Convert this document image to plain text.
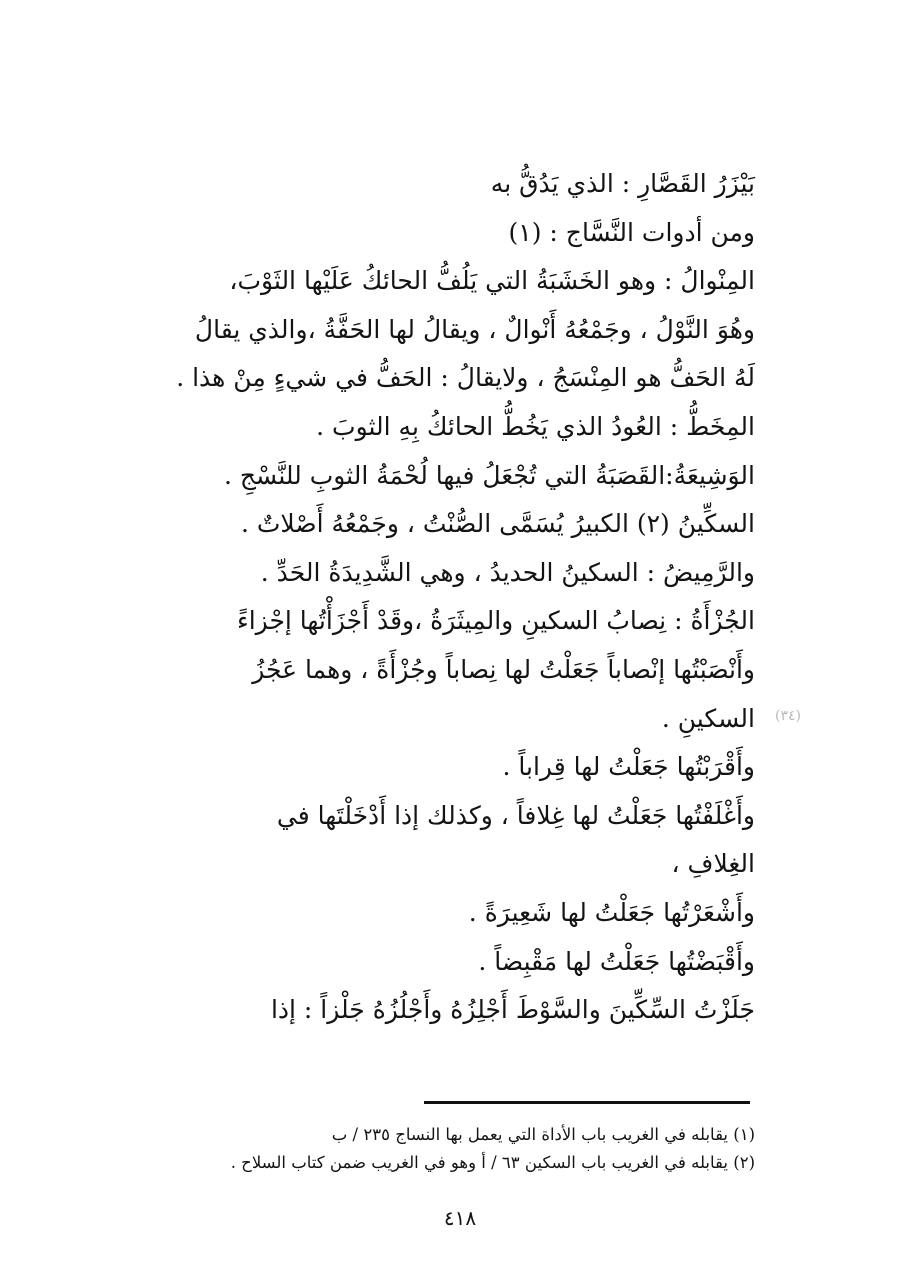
بَيْزَرُ القَصَّارِ : الذي يَدُقُّ به

ومن أدوات النَّسَّاج : (١)

المِنْوالُ : وهو الخَشَبَةُ التي يَلُفُّ الحائكُ عَلَيْها الثَوْبَ،

وهُوَ النَّوْلُ ، وجَمْعُهُ أَنْوالٌ ، ويقالُ لها الحَفَّةُ ،والذي يقالُ

لَهُ الحَفُّ هو المِنْسَجُ ، ولايقالُ : الحَفُّ في شيءٍ مِنْ هذا .

المِخَطُّ : العُودُ الذي يَخُطُّ الحائكُ بِهِ الثوبَ .

الوَشِيعَةُ:القَصَبَةُ التي تُجْعَلُ فيها لُحْمَةُ الثوبِ للنَّسْجِ .

السكِّينُ (٢) الكبيرُ يُسَمَّى الصُّنْتُ ، وجَمْعُهُ أَصْلاتٌ .

والرَّمِيضُ : السكينُ الحديدُ ، وهي الشَّدِيدَةُ الحَدِّ .

الجُزْأَةُ : نِصابُ السكينِ والمِيثَرَةُ ،وقَدْ أَجْزَأْتُها إجْزاءً

وأَنْصَبْتُها إنْصاباً جَعَلْتُ لها نِصاباً وجُزْأَةً ، وهما عَجُزُ

السكينِ .

وأَقْرَبْتُها جَعَلْتُ لها قِراباً .

وأَغْلَفْتُها جَعَلْتُ لها غِلافاً ، وكذلك إذا أَدْخَلْتَها في

الغِلافِ ،

وأَشْعَرْتُها جَعَلْتُ لها شَعِيرَةً .

وأَقْبَضْتُها جَعَلْتُ لها مَقْبِضاً .

جَلَزْتُ السِّكِّينَ والسَّوْطَ أَجْلِزُهُ وأَجْلُزُهُ جَلْزاً : إذا

(٣٤)

(١) يقابله في الغريب باب الأداة التي يعمل بها النساج ٢٣٥ / ب

(٢) يقابله في الغريب باب السكين ٦٣ / أ وهو في الغريب ضمن كتاب السلاح .

٤١٨
